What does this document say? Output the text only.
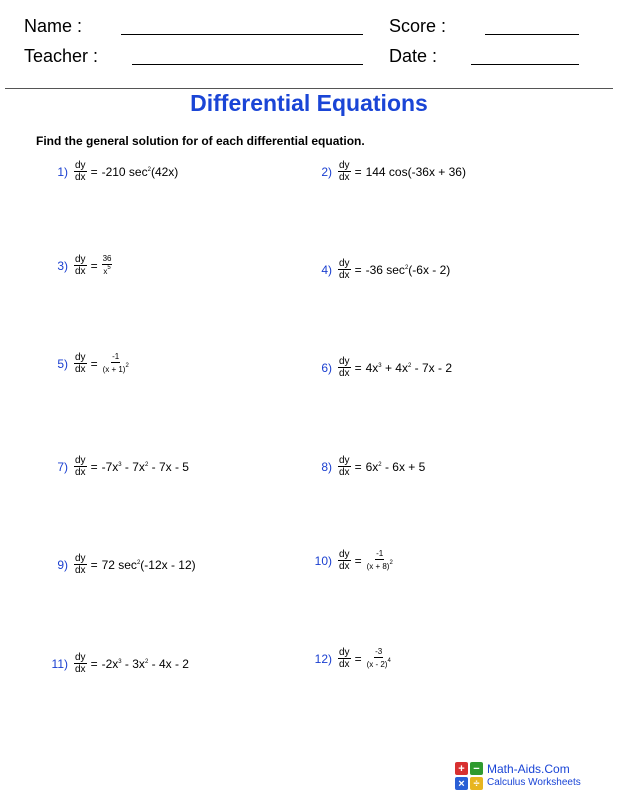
Name :	Score :
Teacher :	Date :
Differential Equations
Find the general solution for of each differential equation.
$1) \frac{dy}{dx} = -210$ $\sec^2(42x)$	$2) \frac{dy}{dx} = 144$ cos(-36x + 36)
$3) \frac{dy}{dx} = \frac{36}{x^5}$	$4) \frac{dy}{dx} = -36$ $\sec^2(-6x - 2)$
$5) \frac{dy}{dx} = \frac{-1}{(x + 1)^2}$	$6) \frac{dy}{dx} = 4x^3 + 4x^2 - 7x - 2$
$7) \frac{dy}{dx} = -7x^3 - 7x^2 - 7x - 5$	$8) \frac{dy}{dx} = 6x^2 - 6x + 5$
$9) \frac{dy}{dx} = 72$ $\sec^2(-12x - 12)$	$10) \frac{dy}{dx} = \frac{-1}{(x + 8)^2}$
$11) \frac{dy}{dx} = -2x^3 - 3x^2 - 4x - 2$	$12) \frac{dy}{dx} = \frac{-3}{(x - 2)^4}$
+ −
× ÷
Math-Aids.Com
Calculus Worksheets
